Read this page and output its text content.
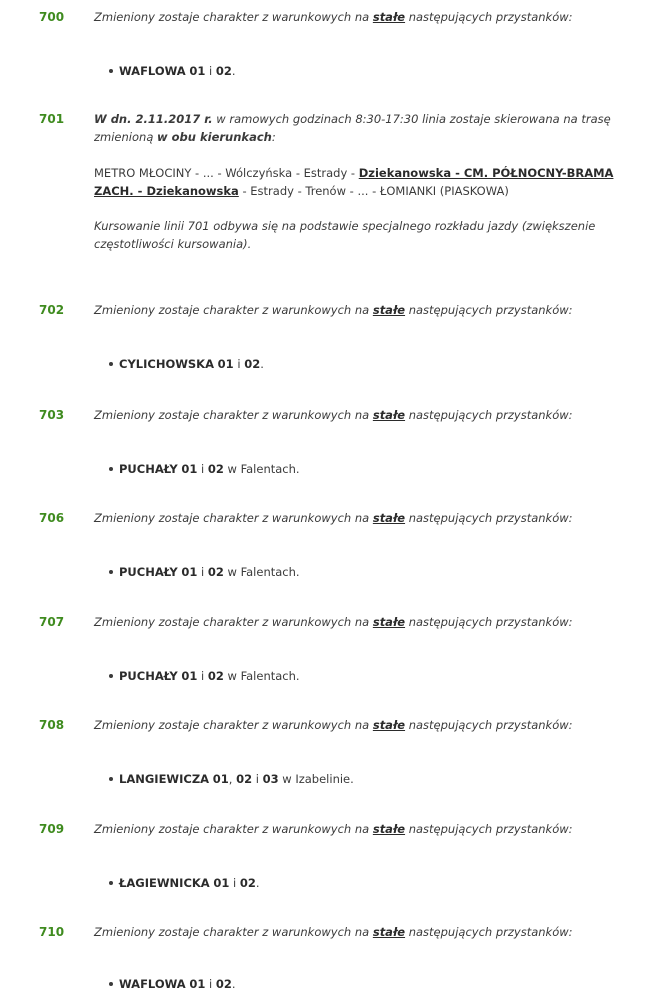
700	Zmieniony zostaje charakter z warunkowych na stałe następujących przystanków:

WAFLOWA 01 i 02.
701	W dn. 2.11.2017 r. w ramowych godzinach 8:30-17:30 linia zostaje skierowana na trasę zmienioną w obu kierunkach:

METRO MŁOCINY - ... - Wólczyńska - Estrady - Dziekanowska - CM. PÓŁNOCNY-BRAMA ZACH. - Dziekanowska - Estrady - Trenów - ... - ŁOMIANKI (PIASKOWA)

Kursowanie linii 701 odbywa się na podstawie specjalnego rozkładu jazdy (zwiększenie częstotliwości kursowania).

702	Zmieniony zostaje charakter z warunkowych na stałe następujących przystanków:

CYLICHOWSKA 01 i 02.
703	Zmieniony zostaje charakter z warunkowych na stałe następujących przystanków:

PUCHAŁY 01 i 02 w Falentach.
706	Zmieniony zostaje charakter z warunkowych na stałe następujących przystanków:

PUCHAŁY 01 i 02 w Falentach.
707	Zmieniony zostaje charakter z warunkowych na stałe następujących przystanków:

PUCHAŁY 01 i 02 w Falentach.
708	Zmieniony zostaje charakter z warunkowych na stałe następujących przystanków:

LANGIEWICZA 01, 02 i 03 w Izabelinie.
709	Zmieniony zostaje charakter z warunkowych na stałe następujących przystanków:

ŁAGIEWNICKA 01 i 02.
710	Zmieniony zostaje charakter z warunkowych na stałe następujących przystanków:

WAFLOWA 01 i 02.
